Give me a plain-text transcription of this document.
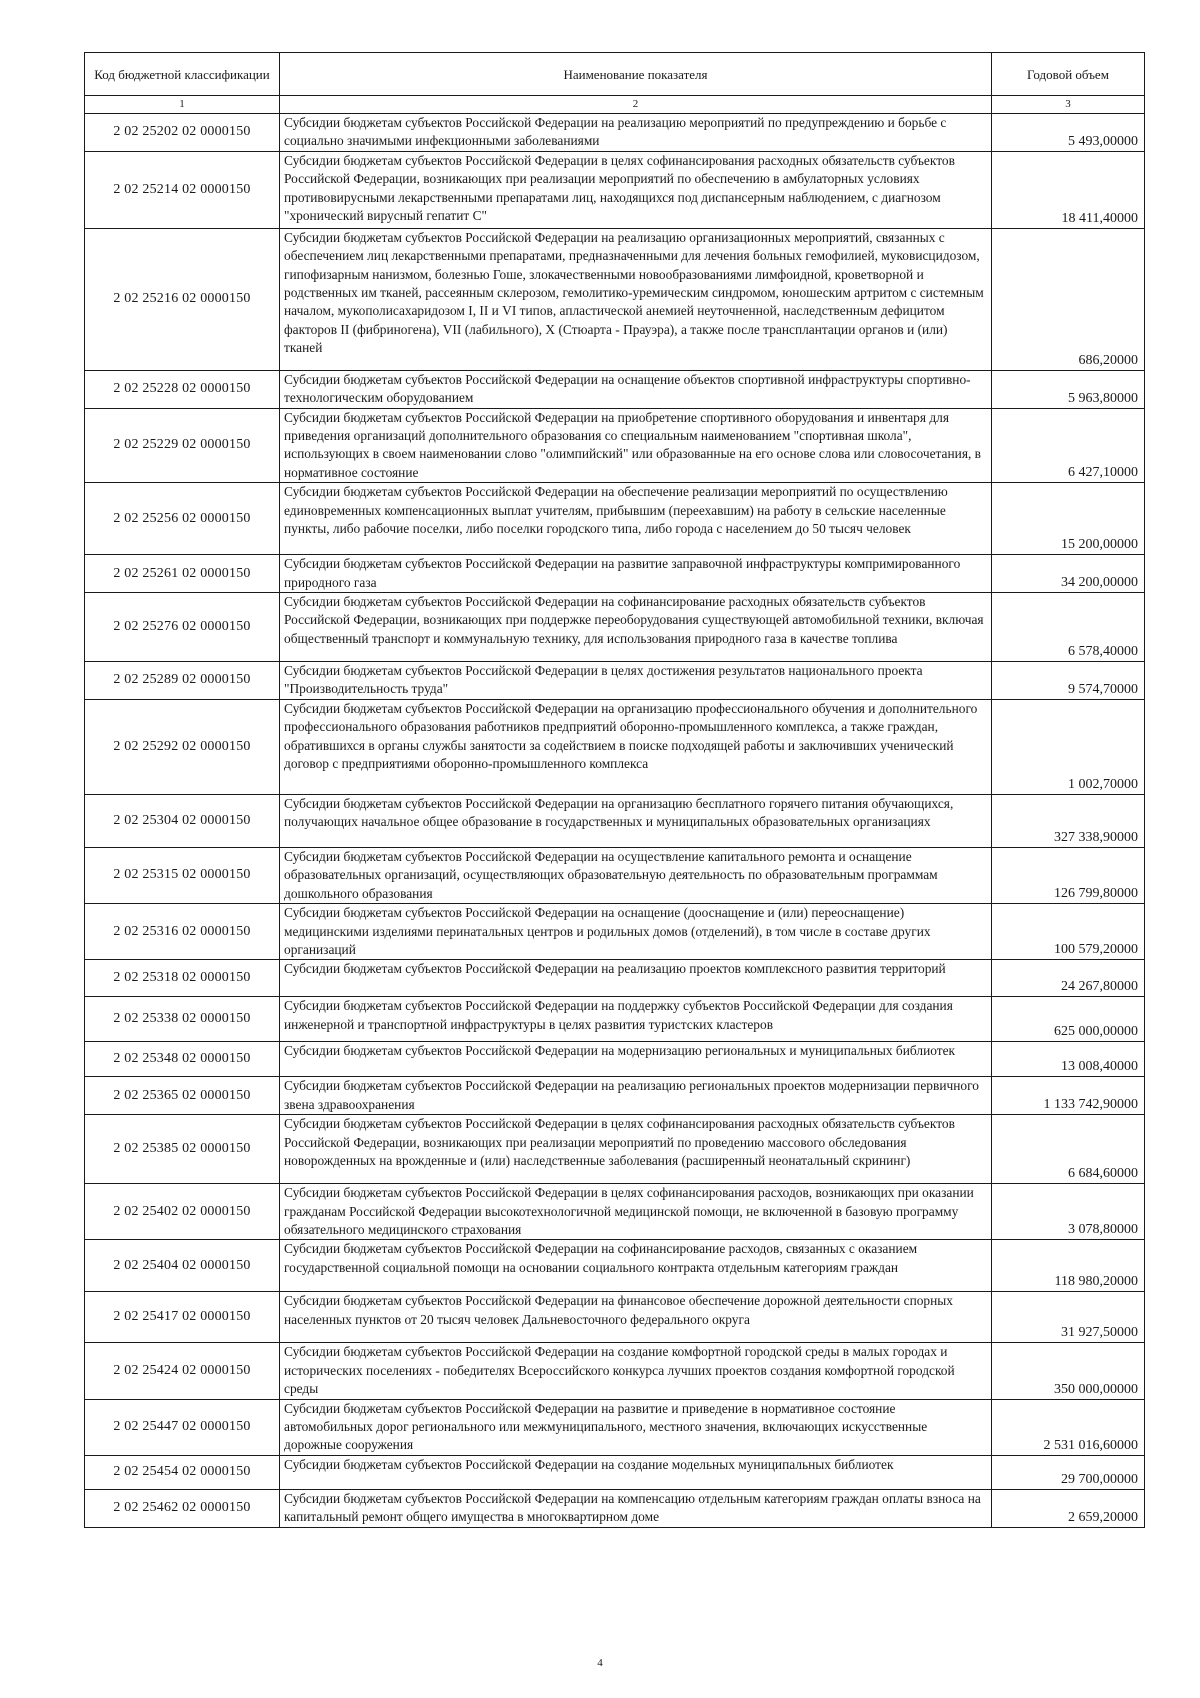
Код бюджетной классификации	Наименование показателя	Годовой объем
1	2	3
2 02 25202 02 0000150	Субсидии бюджетам субъектов Российской Федерации на реализацию мероприятий по предупреждению и борьбе с социально значимыми инфекционными заболеваниями	5 493,00000
2 02 25214 02 0000150	Субсидии бюджетам субъектов Российской Федерации в целях софинансирования расходных обязательств субъектов Российской Федерации, возникающих при реализации мероприятий по обеспечению в амбулаторных условиях противовирусными лекарственными препаратами лиц, находящихся под диспансерным наблюдением, с диагнозом "хронический вирусный гепатит С"	18 411,40000
2 02 25216 02 0000150	Субсидии бюджетам субъектов Российской Федерации на реализацию организационных мероприятий, связанных с обеспечением лиц лекарственными препаратами, предназначенными для лечения больных гемофилией, муковисцидозом, гипофизарным нанизмом, болезнью Гоше, злокачественными новообразованиями лимфоидной, кроветворной и родственных им тканей, рассеянным склерозом, гемолитико-уремическим синдромом, юношеским артритом с системным началом, мукополисахаридозом I, II и VI типов, апластической анемией неуточненной, наследственным дефицитом факторов II (фибриногена), VII (лабильного), X (Стюарта - Прауэра), а также после трансплантации органов и (или) тканей	686,20000
2 02 25228 02 0000150	Субсидии бюджетам субъектов Российской Федерации на оснащение объектов спортивной инфраструктуры спортивно-технологическим оборудованием	5 963,80000
2 02 25229 02 0000150	Субсидии бюджетам субъектов Российской Федерации на приобретение спортивного оборудования и инвентаря для приведения организаций дополнительного образования со специальным наименованием "спортивная школа", использующих в своем наименовании слово "олимпийский" или образованные на его основе слова или словосочетания, в нормативное состояние	6 427,10000
2 02 25256 02 0000150	Субсидии бюджетам субъектов Российской Федерации на обеспечение реализации мероприятий по осуществлению единовременных компенсационных выплат учителям, прибывшим (переехавшим) на работу в сельские населенные пункты, либо рабочие поселки, либо поселки городского типа, либо города с населением до 50 тысяч человек	15 200,00000
2 02 25261 02 0000150	Субсидии бюджетам субъектов Российской Федерации на развитие заправочной инфраструктуры компримированного природного газа	34 200,00000
2 02 25276 02 0000150	Субсидии бюджетам субъектов Российской Федерации на софинансирование расходных обязательств субъектов Российской Федерации, возникающих при поддержке переоборудования существующей автомобильной техники, включая общественный транспорт и коммунальную технику, для использования природного газа в качестве топлива	6 578,40000
2 02 25289 02 0000150	Субсидии бюджетам субъектов Российской Федерации в целях достижения результатов национального проекта "Производительность труда"	9 574,70000
2 02 25292 02 0000150	Субсидии бюджетам субъектов Российской Федерации на организацию профессионального обучения и дополнительного профессионального образования работников предприятий оборонно-промышленного комплекса, а также граждан, обратившихся в органы службы занятости за содействием в поиске подходящей работы и заключивших ученический договор с предприятиями оборонно-промышленного комплекса	1 002,70000
2 02 25304 02 0000150	Субсидии бюджетам субъектов Российской Федерации на организацию бесплатного горячего питания обучающихся, получающих начальное общее образование в государственных и муниципальных образовательных организациях	327 338,90000
2 02 25315 02 0000150	Субсидии бюджетам субъектов Российской Федерации на осуществление капитального ремонта и оснащение образовательных организаций, осуществляющих образовательную деятельность по образовательным программам дошкольного образования	126 799,80000
2 02 25316 02 0000150	Субсидии бюджетам субъектов Российской Федерации на оснащение (дооснащение и (или) переоснащение) медицинскими изделиями перинатальных центров и родильных домов (отделений), в том числе в составе других организаций	100 579,20000
2 02 25318 02 0000150	Субсидии бюджетам субъектов Российской Федерации на реализацию проектов комплексного развития территорий	24 267,80000
2 02 25338 02 0000150	Субсидии бюджетам субъектов Российской Федерации на поддержку субъектов Российской Федерации для создания инженерной и транспортной инфраструктуры в целях развития туристских кластеров	625 000,00000
2 02 25348 02 0000150	Субсидии бюджетам субъектов Российской Федерации на модернизацию региональных и муниципальных библиотек	13 008,40000
2 02 25365 02 0000150	Субсидии бюджетам субъектов Российской Федерации на реализацию региональных проектов модернизации первичного звена здравоохранения	1 133 742,90000
2 02 25385 02 0000150	Субсидии бюджетам субъектов Российской Федерации в целях софинансирования расходных обязательств субъектов Российской Федерации, возникающих при реализации мероприятий по проведению массового обследования новорожденных на врожденные и (или) наследственные заболевания (расширенный неонатальный скрининг)	6 684,60000
2 02 25402 02 0000150	Субсидии бюджетам субъектов Российской Федерации в целях софинансирования расходов, возникающих при оказании гражданам Российской Федерации высокотехнологичной медицинской помощи, не включенной в базовую программу обязательного медицинского страхования	3 078,80000
2 02 25404 02 0000150	Субсидии бюджетам субъектов Российской Федерации на софинансирование расходов, связанных с оказанием государственной социальной помощи на основании социального контракта отдельным категориям граждан	118 980,20000
2 02 25417 02 0000150	Субсидии бюджетам субъектов Российской Федерации на финансовое обеспечение дорожной деятельности спорных населенных пунктов от 20 тысяч человек Дальневосточного федерального округа	31 927,50000
2 02 25424 02 0000150	Субсидии бюджетам субъектов Российской Федерации на создание комфортной городской среды в малых городах и исторических поселениях - победителях Всероссийского конкурса лучших проектов создания комфортной городской среды	350 000,00000
2 02 25447 02 0000150	Субсидии бюджетам субъектов Российской Федерации на развитие и приведение в нормативное состояние автомобильных дорог регионального или межмуниципального, местного значения, включающих искусственные дорожные сооружения	2 531 016,60000
2 02 25454 02 0000150	Субсидии бюджетам субъектов Российской Федерации на создание модельных муниципальных библиотек	29 700,00000
2 02 25462 02 0000150	Субсидии бюджетам субъектов Российской Федерации на компенсацию отдельным категориям граждан оплаты взноса на капитальный ремонт общего имущества в многоквартирном доме	2 659,20000
4
